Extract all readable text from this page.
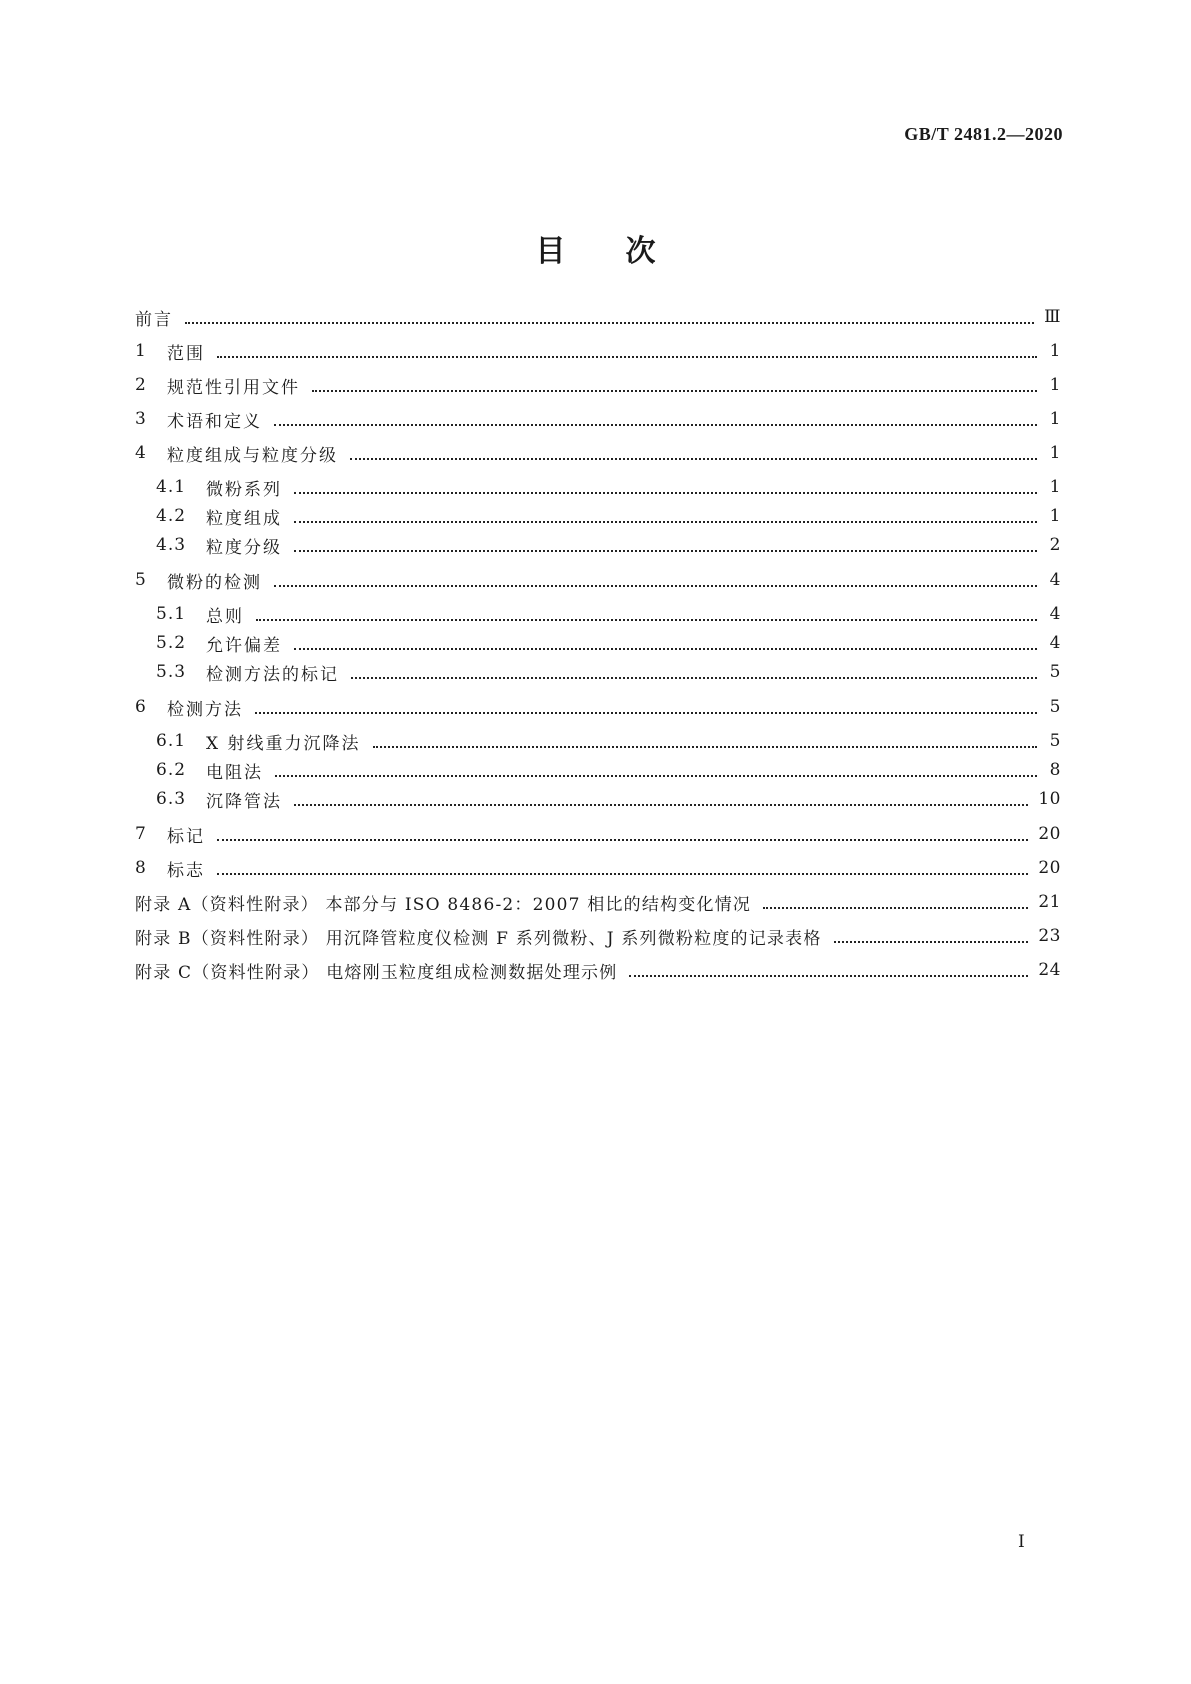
GB/T 2481.2—2020
目 次
前言	Ⅲ
1	范围	1
2	规范性引用文件	1
3	术语和定义	1
4	粒度组成与粒度分级	1
4.1	微粉系列	1
4.2	粒度组成	1
4.3	粒度分级	2
5	微粉的检测	4
5.1	总则	4
5.2	允许偏差	4
5.3	检测方法的标记	5
6	检测方法	5
6.1	X 射线重力沉降法	5
6.2	电阻法	8
6.3	沉降管法	10
7	标记	20
8	标志	20
附录 A（资料性附录） 本部分与 ISO 8486-2：2007 相比的结构变化情况	21
附录 B（资料性附录） 用沉降管粒度仪检测 F 系列微粉、J 系列微粉粒度的记录表格	23
附录 C（资料性附录） 电熔刚玉粒度组成检测数据处理示例	24
I
